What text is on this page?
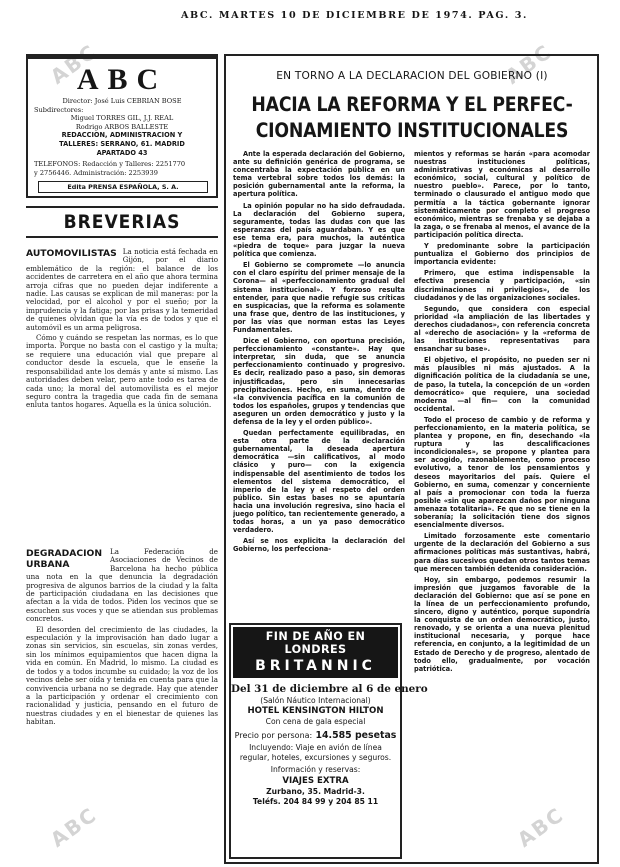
ABC. MARTES 10 DE DICIEMBRE DE 1974. PAG. 3.
ABC	ABC
ABC	ABC
ABC
Director: José Luis CEBRIAN BOSE
Subdirectores:
Miguel TORRES GIL, J.J. REAL
Rodrigo ARBOS BALLESTE
REDACCION, ADMINISTRACION Y
TALLERES: SERRANO, 61. MADRID
APARTADO 43
TELEFONOS: Redacción y Talleres: 2251770
y 2756446. Administración: 2253939
Edita PRENSA ESPAÑOLA, S. A.
BREVERIAS
AUTOMOVILISTAS La noticia está fechada en Gijón, por el diario emblemático de la región: el balance de los accidentes de carretera en el año que ahora termina arroja cifras que no pueden dejar indiferente a nadie. Las causas se explican de mil maneras: por la velocidad, por el alcohol y por el sueño; por la imprudencia y la fatiga; por las prisas y la temeridad de quienes olvidan que la vía es de todos y que el automóvil es un arma peligrosa.

Cómo y cuándo se respetan las normas, es lo que importa. Porque no basta con el castigo y la multa; se requiere una educación vial que prepare al conductor desde la escuela, que le enseñe la responsabilidad ante los demás y ante sí mismo. Las autoridades deben velar, pero ante todo es tarea de cada uno; la moral del automovilista es el mejor seguro contra la tragedia que cada fin de semana enluta tantos hogares. Aquella es la única solución.

DEGRADACION URBANA

La Federación de Asociaciones de Vecinos de Barcelona ha hecho pública una nota en la que denuncia la degradación progresiva de algunos barrios de la ciudad y la falta de participación ciudadana en las decisiones que afectan a la vida de todos. Piden los vecinos que se escuchen sus voces y que se atiendan sus problemas concretos.

El desorden del crecimiento de las ciudades, la especulación y la improvisación han dado lugar a zonas sin servicios, sin escuelas, sin zonas verdes, sin los mínimos equipamientos que hacen digna la vida en común. En Madrid, lo mismo. La ciudad es de todos y a todos incumbe su cuidado; la voz de los vecinos debe ser oída y tenida en cuenta para que la convivencia urbana no se degrade. Hay que atender a la participación y ordenar el crecimiento con racionalidad y justicia, pensando en el futuro de nuestras ciudades y en el bienestar de quienes las habitan.

EN TORNO A LA DECLARACION DEL GOBIERNO (I)
HACIA LA REFORMA Y EL PERFEC-
CIONAMIENTO INSTITUCIONALES

Ante la esperada declaración del Gobierno, ante su definición genérica de programa, se concentraba la expectación pública en un tema vertebral sobre todos los demás: la posición gubernamental ante la reforma, la apertura política.

La opinión popular no ha sido defraudada. La declaración del Gobierno supera, seguramente, todas las dudas con que las esperanzas del país aguardaban. Y es que ese tema era, para muchos, la auténtica «piedra de toque» para juzgar la nueva política que comienza.

El Gobierno se compromete —lo anuncia con el claro espíritu del primer mensaje de la Corona— al «perfeccionamiento gradual del sistema institucional». Y forzoso resulta entender, para que nadie refugie sus críticas en suspicacias, que la reforma es solamente una frase que, dentro de las instituciones, y por las vías que norman estas las Leyes Fundamentales.

Dice el Gobierno, con oportuna precisión, perfeccionamiento «constante». Hay que interpretar, sin duda, que se anuncia perfeccionamiento continuado y progresivo. Es decir, realizado paso a paso, sin demoras injustificadas, pero sin innecesarias precipitaciones. Hecho, en suma, dentro de «la convivencia pacífica en la comunión de todos los españoles, grupos y tendencias que aseguren un orden democrático y justo y la defensa de la ley y el orden público».

Quedan perfectamente equilibradas, en esta otra parte de la declaración gubernamental, la deseada apertura democrática —sin calificativos, al modo clásico y puro— con la exigencia indispensable del asentimiento de todos los elementos del sistema democrático, el imperio de la ley y el respeto del orden público. Sin estas bases no se apuntaría hacia una involución regresiva, sino hacia el juego político, tan recientemente generado, a todas horas, a un ya paso democrático verdadero.

Así se nos explicita la declaración del Gobierno, los perfecciona-

mientos y reformas se harán «para acomodar nuestras instituciones políticas, administrativas y económicas al desarrollo económico, social, cultural y político de nuestro pueblo». Parece, por lo tanto, terminado o clausurado el antiguo modo que permitía a la táctica gobernante ignorar sistemáticamente por completo el progreso económico, mientras se frenaba y se dejaba a la zaga, o se frenaba al menos, el avance de la participación política directa.

Y predominante sobre la participación puntualiza el Gobierno dos principios de importancia evidente:

Primero, que estima indispensable la efectiva presencia y participación, «sin discriminaciones ni privilegios», de los ciudadanos y de las organizaciones sociales.

Segundo, que considera con especial prioridad «la ampliación de las libertades y derechos ciudadanos», con referencia concreta al «derecho de asociación» y la «reforma de las instituciones representativas para ensanchar su base».

El objetivo, el propósito, no pueden ser ni más plausibles ni más ajustados. A la dignificación política de la ciudadanía se une, de paso, la tutela, la concepción de un «orden democrático» que requiere, una sociedad moderna —al fin— con la comunidad occidental.

Todo el proceso de cambio y de reforma y perfeccionamiento, en la materia política, se plantea y propone, en fin, desechando «la ruptura y las descalificaciones incondicionales», se propone y plantea para ser acogido, razonablemente, como proceso evolutivo, a tenor de los pensamientos y deseos mayoritarios del país. Quiere el Gobierno, en suma, comenzar y concerniente al país a promocionar con toda la fuerza posible «sin que aparezcan daños por ninguna amenaza totalitaria». Fe que no se tiene en la soberanía; la solicitación tiene dos signos esencialmente diversos.

Limitado forzosamente este comentario urgente de la declaración del Gobierno a sus afirmaciones políticas más sustantivas, habrá, para días sucesivos quedan otros tantos temas que merecen también detenida consideración.

Hoy, sin embargo, podemos resumir la impresión que juzgamos favorable de la declaración del Gobierno: que así se pone en la línea de un perfeccionamiento profundo, sincero, digno y auténtico, porque supondría la conquista de un orden democrático, justo, renovado, y se orienta a una nueva plenitud institucional necesaria, y porque hace referencia, en conjunto, a la legitimidad de un Estado de Derecho y de progreso, alentado de todo ello, gradualmente, por vocación patriótica.

FIN DE AÑO EN LONDRES
BRITANNIC
Del 31 de diciembre al 6 de enero
(Salón Náutico Internacional)
HOTEL KENSINGTON HILTON
Con cena de gala especial
Precio por persona: 14.585 pesetas
Incluyendo: Viaje en avión de línea regular, hoteles, excursiones y seguros.
Información y reservas:
VIAJES EXTRA
Zurbano, 35. Madrid-3.
Teléfs. 204 84 99 y 204 85 11
